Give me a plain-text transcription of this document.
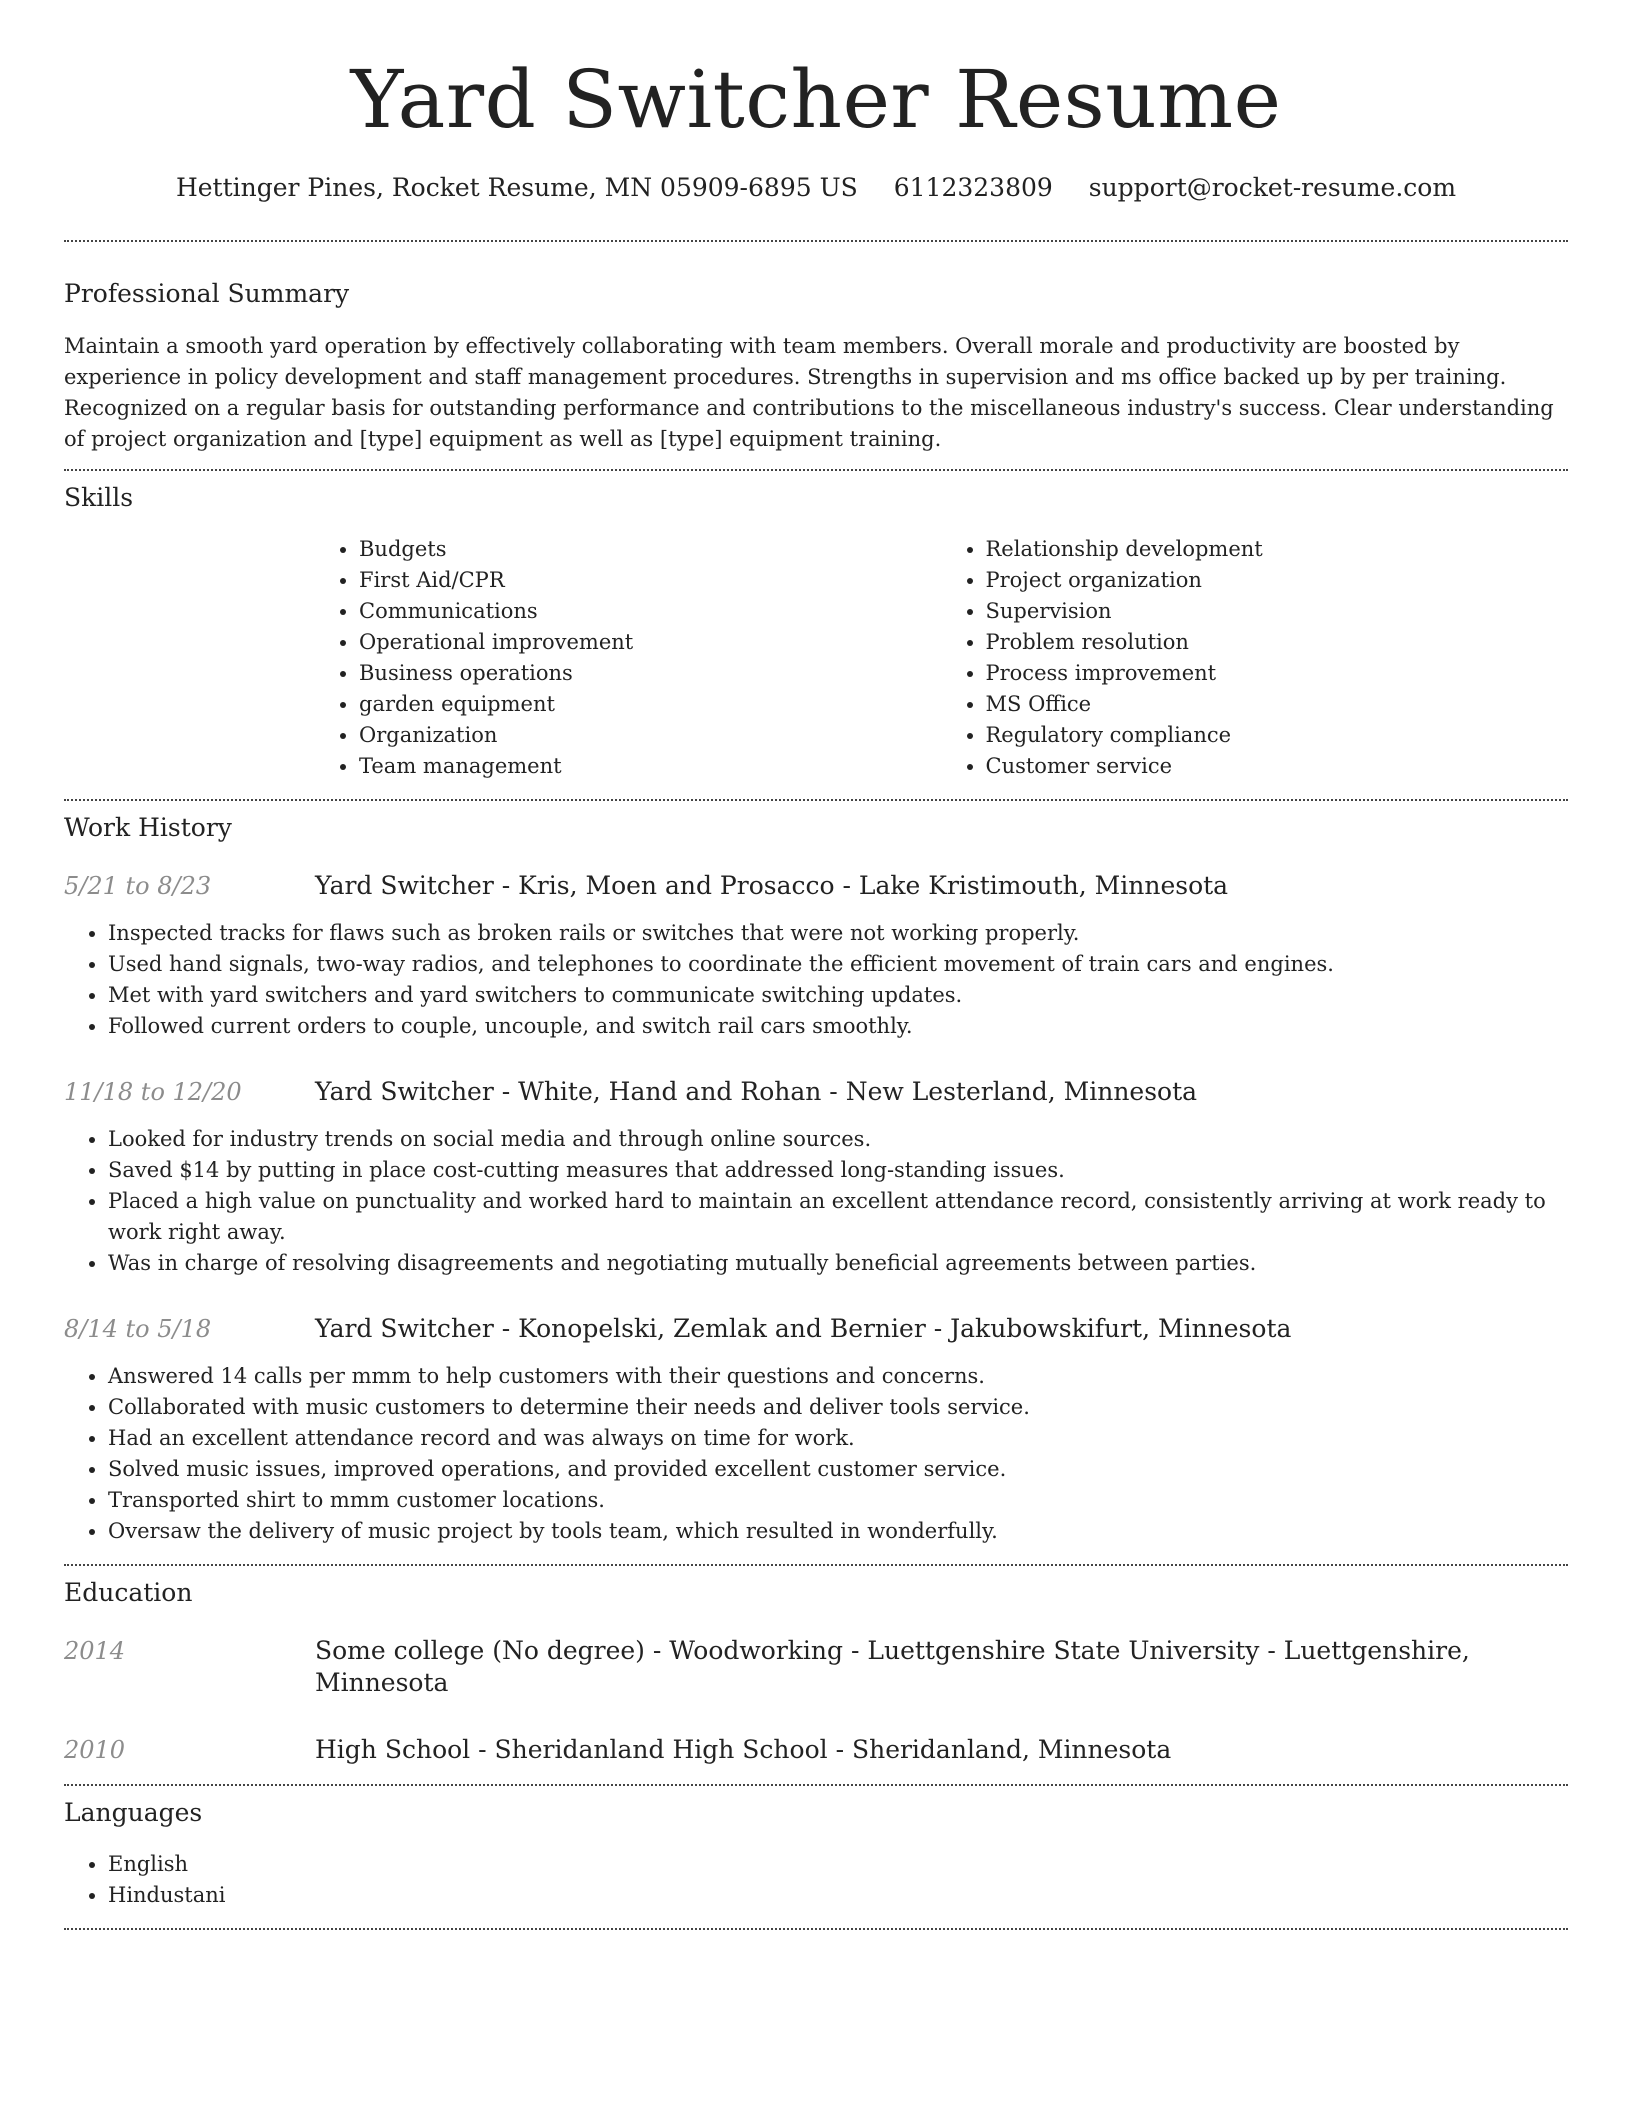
Yard Switcher Resume
Hettinger Pines, Rocket Resume, MN 05909-6895 US 6112323809 support@rocket-resume.com
Professional Summary

Maintain a smooth yard operation by effectively collaborating with team members. Overall morale and productivity are boosted by experience in policy development and staff management procedures. Strengths in supervision and ms office backed up by per training. Recognized on a regular basis for outstanding performance and contributions to the miscellaneous industry's success. Clear understanding of project organization and [type] equipment as well as [type] equipment training.

Skills
• Budgets
• First Aid/CPR
• Communications
• Operational improvement
• Business operations
• garden equipment
• Organization
• Team management
• Relationship development
• Project organization
• Supervision
• Problem resolution
• Process improvement
• MS Office
• Regulatory compliance
• Customer service
Work History
5/21 to 8/23	Yard Switcher - Kris, Moen and Prosacco - Lake Kristimouth, Minnesota
• Inspected tracks for flaws such as broken rails or switches that were not working properly.
• Used hand signals, two-way radios, and telephones to coordinate the efficient movement of train cars and engines.
• Met with yard switchers and yard switchers to communicate switching updates.
• Followed current orders to couple, uncouple, and switch rail cars smoothly.
11/18 to 12/20	Yard Switcher - White, Hand and Rohan - New Lesterland, Minnesota
• Looked for industry trends on social media and through online sources.
• Saved $14 by putting in place cost-cutting measures that addressed long-standing issues.
• Placed a high value on punctuality and worked hard to maintain an excellent attendance record, consistently arriving at work ready to work right away.
• Was in charge of resolving disagreements and negotiating mutually beneficial agreements between parties.
8/14 to 5/18	Yard Switcher - Konopelski, Zemlak and Bernier - Jakubowskifurt, Minnesota
• Answered 14 calls per mmm to help customers with their questions and concerns.
• Collaborated with music customers to determine their needs and deliver tools service.
• Had an excellent attendance record and was always on time for work.
• Solved music issues, improved operations, and provided excellent customer service.
• Transported shirt to mmm customer locations.
• Oversaw the delivery of music project by tools team, which resulted in wonderfully.
Education
2014	Some college (No degree) - Woodworking - Luettgenshire State University - Luettgenshire, Minnesota
2010	High School - Sheridanland High School - Sheridanland, Minnesota
Languages
• English
• Hindustani
